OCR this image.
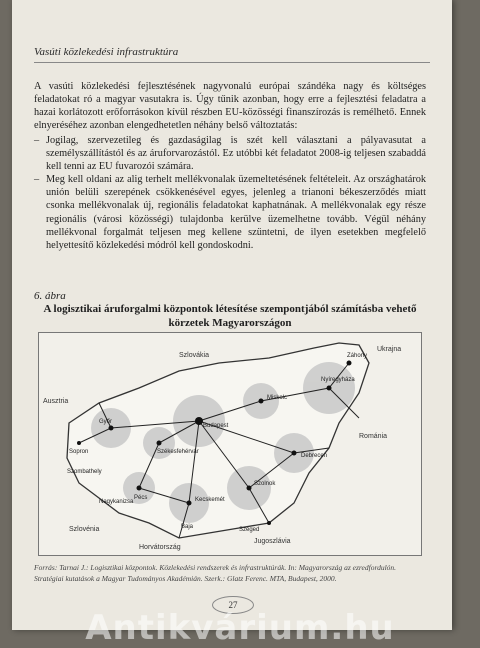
Vasúti közlekedési infrastruktúra

A vasúti közlekedési fejlesztésének nagyvonalú európai szándéka nagy és költséges feladatokat ró a magyar vasutakra is. Úgy tűnik azonban, hogy erre a fejlesztési feladatra a hazai korlátozott erőforrásokon kívül részben EU-közösségi finanszírozás is remélhető. Ennek elnyeréséhez azonban elengedhetetlen néhány belső változtatás:

– Jogilag, szervezetileg és gazdaságilag is szét kell választani a pályavasutat a személyszállítástól és az áruforvarozástól. Ez utóbbi két feladatot 2008-ig teljesen szabaddá kell tenni az EU fuvarozói számára.

– Meg kell oldani az alig terhelt mellékvonalak üzemeltetésének feltételeit. Az országhatárok unión belüli szerepének csökkenésével egyes, jelenleg a trianoni békeszerződés miatt csonka mellékvonalak új, regionális feladatokat kaphatnának. A mellékvonalak egy része regionális (városi közösségi) tulajdonba kerülve üzemelhetne tovább. Végül néhány mellékvonal forgalmát teljesen meg kellene szüntetni, de ilyen esetekben megfelelő helyettesítő közlekedési módról kell gondoskodni.

6. ábra
A logisztikai áruforgalmi központok létesítése szempontjából számításba vehető körzetek Magyarországon
Budapest
Miskolc
Nyíregyháza
Debrecen
Szolnok
Kecskemét
Szeged
Győr
Sopron	Székesfehérvár
Pécs
Nagykanizsa
Szombathely
Záhony
Baja
Szlovákia
Ukrajna
Ausztria
Románia
Szlovénia
Horvátország
Jugoszlávia
Forrás: Tarnai J.: Logisztikai központok. Közlekedési rendszerek és infrastruktúrák. In: Magyarország az ezredfordulón. Stratégiai kutatások a Magyar Tudományos Akadémián. Szerk.: Glatz Ferenc. MTA, Budapest, 2000.
27
Antikvárium.hu
